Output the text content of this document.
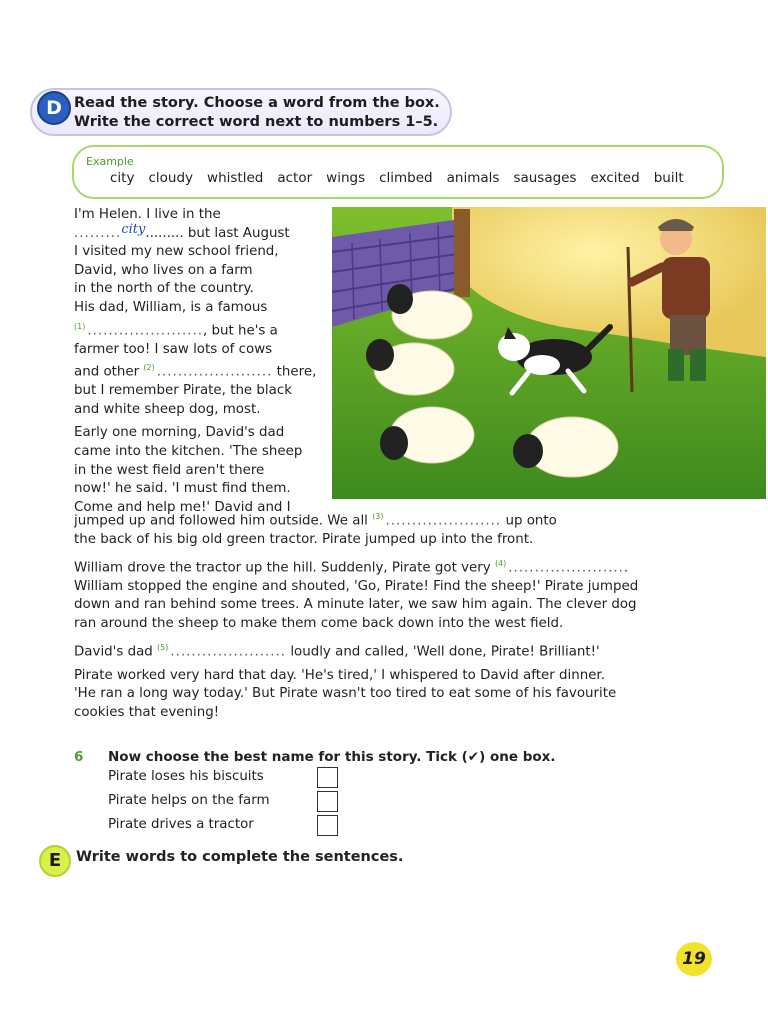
D Read the story. Choose a word from the box.
Write the correct word next to numbers 1–5.
Example
city cloudy whistled actor wings climbed animals sausages excited built
I'm Helen. I live in the
.........city......... but last August
I visited my new school friend,
David, who lives on a farm
in the north of the country.
His dad, William, is a famous
$^{(1)}$ ......................, but he's a
farmer too! I saw lots of cows
and other $^{(2)}$ ...................... there,
but I remember Pirate, the black
and white sheep dog, most.
Early one morning, David's dad
came into the kitchen. 'The sheep
in the west field aren't there
now!' he said. 'I must find them.
Come and help me!' David and I
jumped up and followed him outside. We all $^{(3)}$ ...................... up onto
the back of his big old green tractor. Pirate jumped up into the front.
William drove the tractor up the hill. Suddenly, Pirate got very $^{(4)}$ .......................
William stopped the engine and shouted, 'Go, Pirate! Find the sheep!' Pirate jumped
down and ran behind some trees. A minute later, we saw him again. The clever dog
ran around the sheep to make them come back down into the west field.
David's dad $^{(5)}$ ...................... loudly and called, 'Well done, Pirate! Brilliant!'
Pirate worked very hard that day. 'He's tired,' I whispered to David after dinner.
'He ran a long way today.' But Pirate wasn't too tired to eat some of his favourite
cookies that evening!
6 Now choose the best name for this story. Tick (✔) one box.
Pirate loses his biscuits
Pirate helps on the farm
Pirate drives a tractor
E	Write words to complete the sentences.
19
